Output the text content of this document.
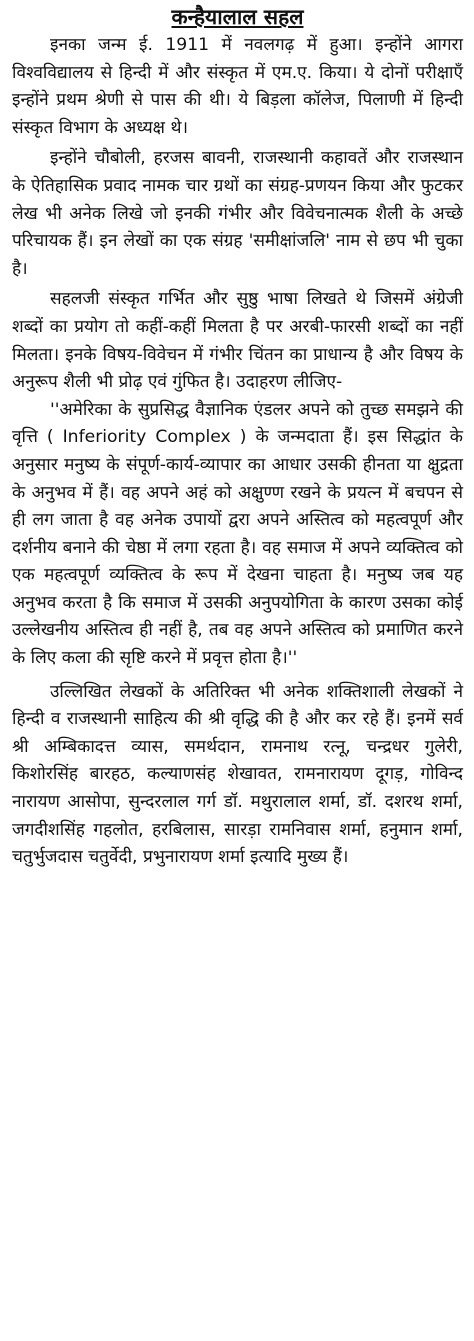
कन्हैयालाल सहल

इनका जन्म ई. 1911 में नवलगढ़ में हुआ। इन्होंने आगरा विश्वविद्यालय से हिन्दी में और संस्कृत में एम.ए. किया। ये दोनों परीक्षाएँ इन्होंने प्रथम श्रेणी से पास की थी। ये बिड़ला कॉलेज, पिलाणी में हिन्दी संस्कृत विभाग के अध्यक्ष थे।

इन्होंने चौबोली, हरजस बावनी, राजस्थानी कहावतें और राजस्थान के ऐतिहासिक प्रवाद नामक चार ग्रथों का संग्रह-प्रणयन किया और फुटकर लेख भी अनेक लिखे जो इनकी गंभीर और विवेचनात्मक शैली के अच्छे परिचायक हैं। इन लेखों का एक संग्रह 'समीक्षांजलि' नाम से छप भी चुका है।

सहलजी संस्कृत गर्भित और सुष्ठु भाषा लिखते थे जिसमें अंग्रेजी शब्दों का प्रयोग तो कहीं-कहीं मिलता है पर अरबी-फारसी शब्दों का नहीं मिलता। इनके विषय-विवेचन में गंभीर चिंतन का प्राधान्य है और विषय के अनुरूप शैली भी प्रोढ़ एवं गुंफित है। उदाहरण लीजिए-

''अमेरिका के सुप्रसिद्ध वैज्ञानिक एंडलर अपने को तुच्छ समझने की वृत्ति ( Inferiority Complex ) के जन्मदाता हैं। इस सिद्धांत के अनुसार मनुष्य के संपूर्ण-कार्य-व्यापार का आधार उसकी हीनता या क्षुद्रता के अनुभव में हैं। वह अपने अहं को अक्षुण्ण रखने के प्रयत्न में बचपन से ही लग जाता है वह अनेक उपायों द्वरा अपने अस्तित्व को महत्वपूर्ण और दर्शनीय बनाने की चेष्ठा में लगा रहता है। वह समाज में अपने व्यक्तित्व को एक महत्वपूर्ण व्यक्तित्व के रूप में देखना चाहता है। मनुष्य जब यह अनुभव करता है कि समाज में उसकी अनुपयोगिता के कारण उसका कोई उल्लेखनीय अस्तित्व ही नहीं है, तब वह अपने अस्तित्व को प्रमाणित करने के लिए कला की सृष्टि करने में प्रवृत्त होता है।''

उल्लिखित लेखकों के अतिरिक्त भी अनेक शक्तिशाली लेखकों ने हिन्दी व राजस्थानी साहित्य की श्री वृद्धि की है और कर रहे हैं। इनमें सर्व श्री अम्बिकादत्त व्यास, समर्थदान, रामनाथ रत्नू, चन्द्रधर गुलेरी, किशोरसिंह बारहठ, कल्याणसंह शेखावत, रामनारायण दूगड़, गोविन्द नारायण आसोपा, सुन्दरलाल गर्ग डॉ. मथुरालाल शर्मा, डॉ. दशरथ शर्मा, जगदीशसिंह गहलोत, हरबिलास, सारड़ा रामनिवास शर्मा, हनुमान शर्मा, चतुर्भुजदास चतुर्वेदी, प्रभुनारायण शर्मा इत्यादि मुख्य हैं।
